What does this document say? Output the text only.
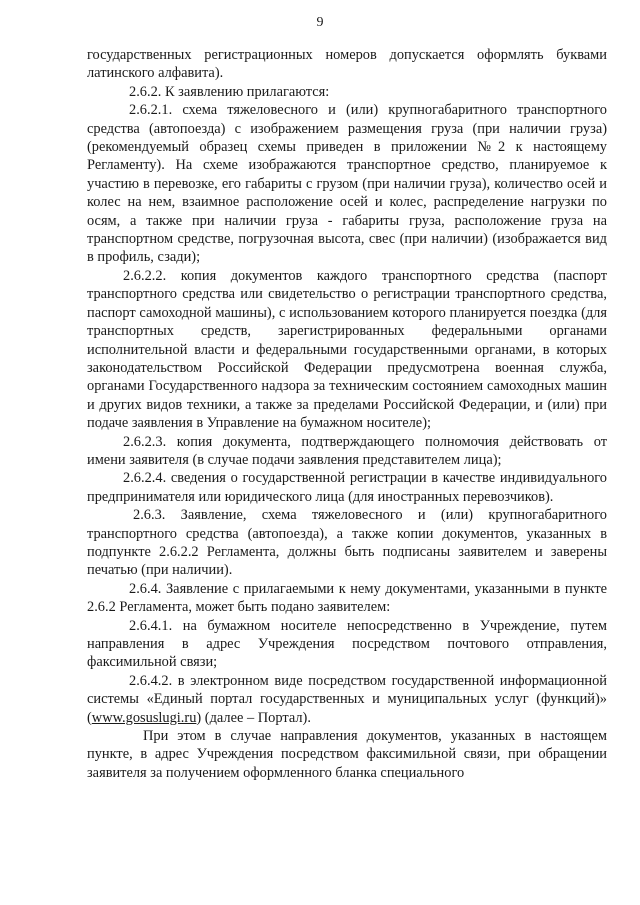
9

государственных регистрационных номеров допускается оформлять буквами латинского алфавита).

2.6.2. К заявлению прилагаются:

2.6.2.1. схема тяжеловесного и (или) крупногабаритного транспортного средства (автопоезда) с изображением размещения груза (при наличии груза) (рекомендуемый образец схемы приведен в приложении №2 к настоящему Регламенту). На схеме изображаются транспортное средство, планируемое к участию в перевозке, его габариты с грузом (при наличии груза), количество осей и колес на нем, взаимное расположение осей и колес, распределение нагрузки по осям, а также при наличии груза - габариты груза, расположение груза на транспортном средстве, погрузочная высота, свес (при наличии) (изображается вид в профиль, сзади);

2.6.2.2. копия документов каждого транспортного средства (паспорт транспортного средства или свидетельство о регистрации транспортного средства, паспорт самоходной машины), с использованием которого планируется поездка (для транспортных средств, зарегистрированных федеральными органами исполнительной власти и федеральными государственными органами, в которых законодательством Российской Федерации предусмотрена военная служба, органами Государственного надзора за техническим состоянием самоходных машин и других видов техники, а также за пределами Российской Федерации, и (или) при подаче заявления в Управление на бумажном носителе);

2.6.2.3. копия документа, подтверждающего полномочия действовать от имени заявителя (в случае подачи заявления представителем лица);

2.6.2.4. сведения о государственной регистрации в качестве индивидуального предпринимателя или юридического лица (для иностранных перевозчиков).

2.6.3. Заявление, схема тяжеловесного и (или) крупногабаритного транспортного средства (автопоезда), а также копии документов, указанных в подпункте 2.6.2.2 Регламента, должны быть подписаны заявителем и заверены печатью (при наличии).

2.6.4. Заявление с прилагаемыми к нему документами, указанными в пункте 2.6.2 Регламента, может быть подано заявителем:

2.6.4.1. на бумажном носителе непосредственно в Учреждение, путем направления в адрес Учреждения посредством почтового отправления, факсимильной связи;

2.6.4.2. в электронном виде посредством государственной информационной системы «Единый портал государственных и муниципальных услуг (функций)» (www.gosuslugi.ru) (далее – Портал).

При этом в случае направления документов, указанных в настоящем пункте, в адрес Учреждения посредством факсимильной связи, при обращении заявителя за получением оформленного бланка специального
